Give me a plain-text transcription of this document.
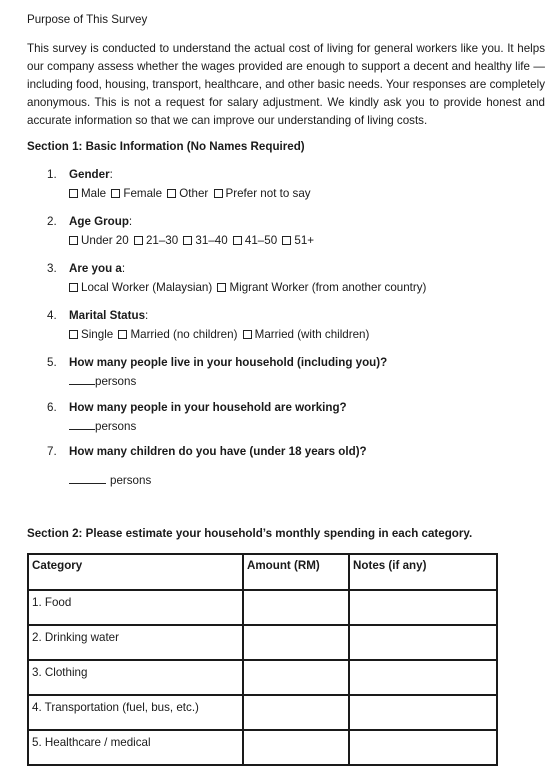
Purpose of This Survey
This survey is conducted to understand the actual cost of living for general workers like you. It helps our company assess whether the wages provided are enough to support a decent and healthy life — including food, housing, transport, healthcare, and other basic needs. Your responses are completely anonymous. This is not a request for salary adjustment. We kindly ask you to provide honest and accurate information so that we can improve our understanding of living costs.
Section 1: Basic Information (No Names Required)
1.	Gender:
Male Female Other Prefer not to say
2.	Age Group:
Under 20 21–30 31–40 41–50 51+
3.	Are you a:
Local Worker (Malaysian) Migrant Worker (from another country)
4.	Marital Status:
Single Married (no children) Married (with children)
5.	How many people live in your household (including you)?
persons
6.	How many people in your household are working?
persons
7.	How many children do you have (under 18 years old)?
persons
Section 2: Please estimate your household’s monthly spending in each category.
Category	Amount (RM)	Notes (if any)
1. Food		
2. Drinking water		
3. Clothing		
4. Transportation (fuel, bus, etc.)		
5. Healthcare / medical		
